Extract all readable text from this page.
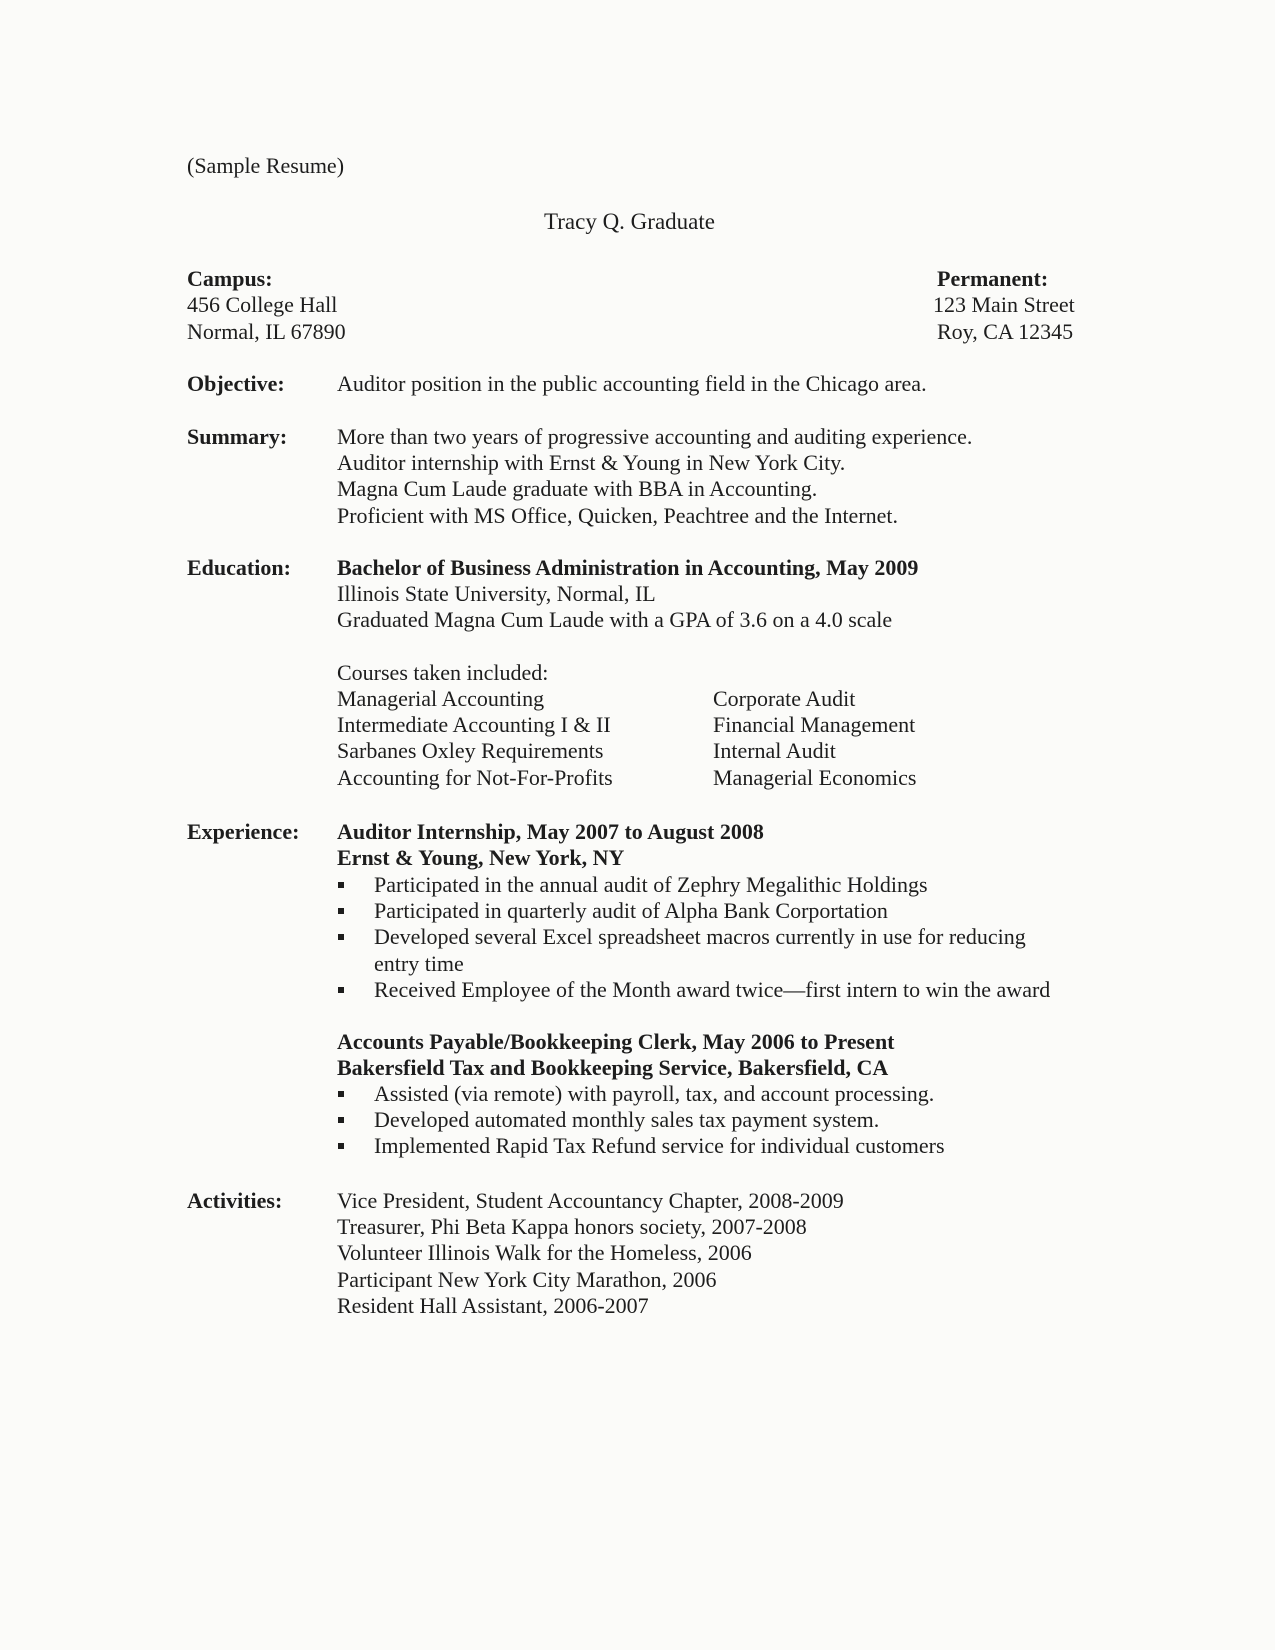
(Sample Resume)
Tracy Q. Graduate
Campus:
456 College Hall
Normal, IL 67890
Permanent:
123 Main Street
Roy, CA 12345
Objective: Auditor position in the public accounting field in the Chicago area.
Summary: More than two years of progressive accounting and auditing experience.
Auditor internship with Ernst & Young in New York City.
Magna Cum Laude graduate with BBA in Accounting.
Proficient with MS Office, Quicken, Peachtree and the Internet.
Education: Bachelor of Business Administration in Accounting, May 2009
Illinois State University, Normal, IL
Graduated Magna Cum Laude with a GPA of 3.6 on a 4.0 scale
Courses taken included:
Managerial Accounting
Intermediate Accounting I & II
Sarbanes Oxley Requirements
Accounting for Not-For-Profits
Corporate Audit
Financial Management
Internal Audit
Managerial Economics
Experience: Auditor Internship, May 2007 to August 2008
Ernst & Young, New York, NY
Participated in the annual audit of Zephry Megalithic Holdings
Participated in quarterly audit of Alpha Bank Corportation
Developed several Excel spreadsheet macros currently in use for reducing
entry time
Received Employee of the Month award twice—first intern to win the award
Accounts Payable/Bookkeeping Clerk, May 2006 to Present
Bakersfield Tax and Bookkeeping Service, Bakersfield, CA
Assisted (via remote) with payroll, tax, and account processing.
Developed automated monthly sales tax payment system.
Implemented Rapid Tax Refund service for individual customers
Activities: Vice President, Student Accountancy Chapter, 2008-2009
Treasurer, Phi Beta Kappa honors society, 2007-2008
Volunteer Illinois Walk for the Homeless, 2006
Participant New York City Marathon, 2006
Resident Hall Assistant, 2006-2007
